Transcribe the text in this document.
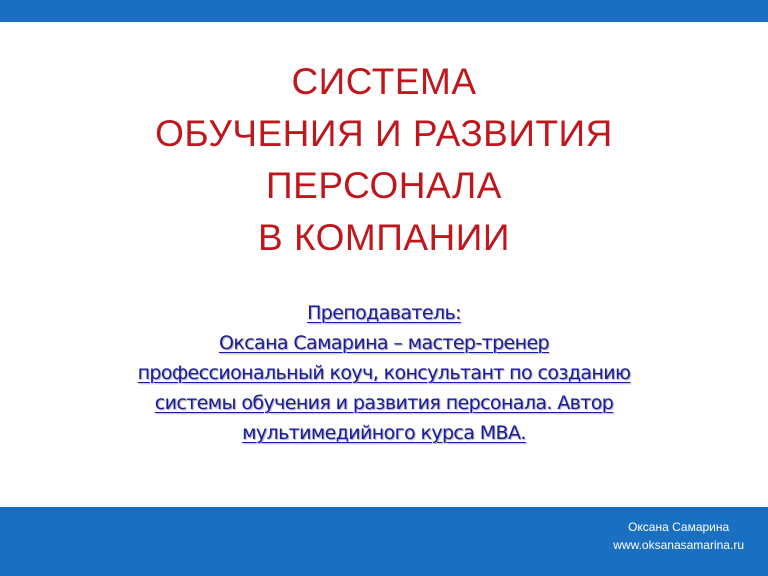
СИСТЕМА
ОБУЧЕНИЯ И РАЗВИТИЯ
ПЕРСОНАЛА
В КОМПАНИИ
Преподаватель:
Оксана Самарина – мастер-тренер
профессиональный коуч, консультант по созданию
системы обучения и развития персонала. Автор
мультимедийного курса МВА.
Оксана Самарина
www.oksanasamarina.ru
